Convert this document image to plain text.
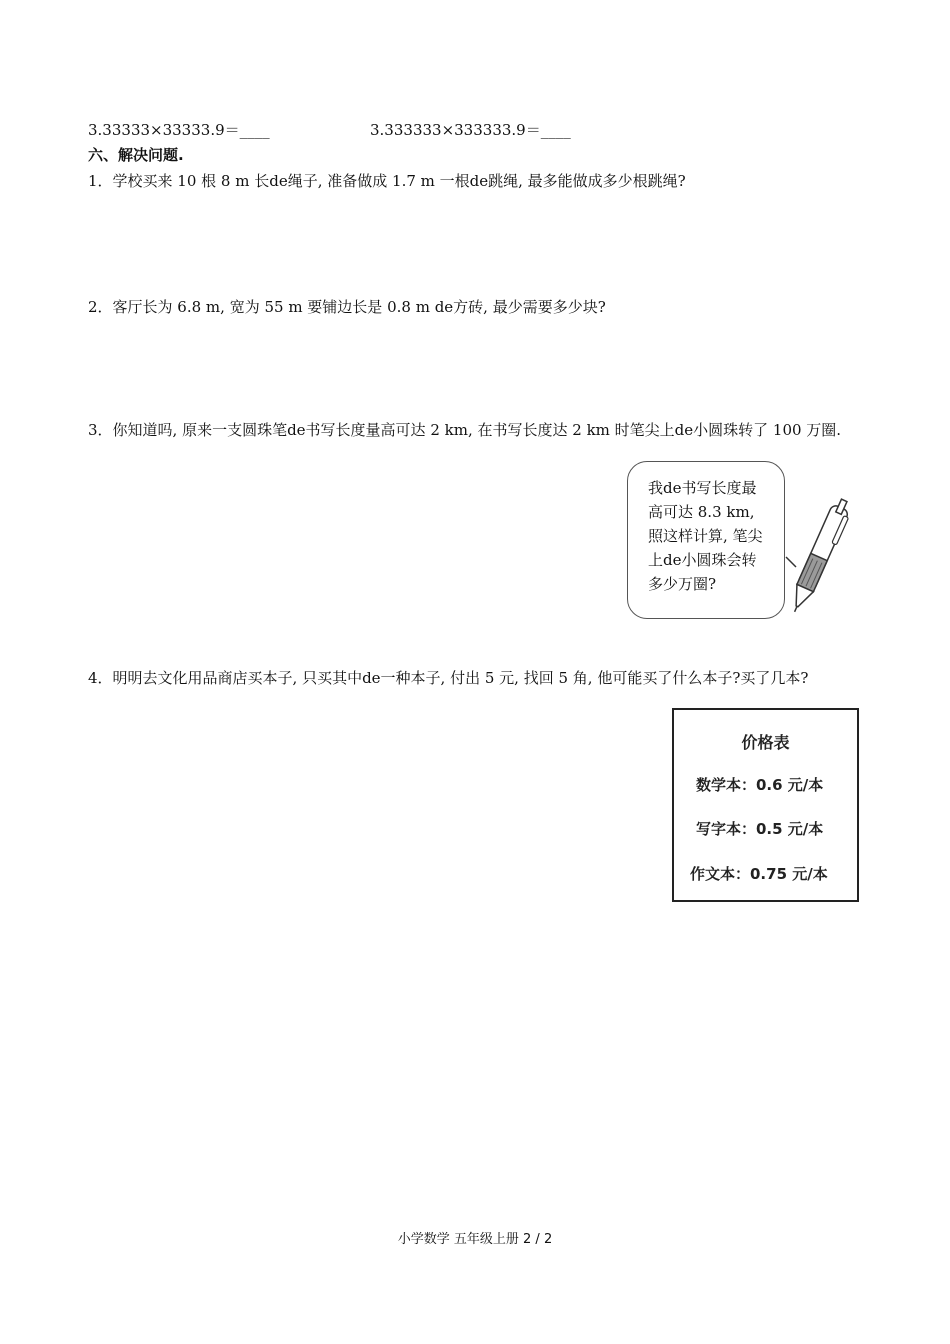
3.33333×33333.9＝____	3.333333×333333.9＝____
六、解决问题.
1．学校买来 10 根 8 m 长de绳子, 准备做成 1.7 m 一根de跳绳, 最多能做成多少根跳绳?
2．客厅长为 6.8 m, 宽为 55 m 要铺边长是 0.8 m de方砖, 最少需要多少块?
3．你知道吗, 原来一支圆珠笔de书写长度量高可达 2 km, 在书写长度达 2 km 时笔尖上de小圆珠转了 100 万圈.
我de书写长度最高可达 8.3 km, 照这样计算, 笔尖上de小圆珠会转多少万圈?
4．明明去文化用品商店买本子, 只买其中de一种本子, 付出 5 元, 找回 5 角, 他可能买了什么本子?买了几本?
价格表
数学本：0.6 元/本
写字本：0.5 元/本
作文本：0.75 元/本
小学数学 五年级上册 2 / 2
